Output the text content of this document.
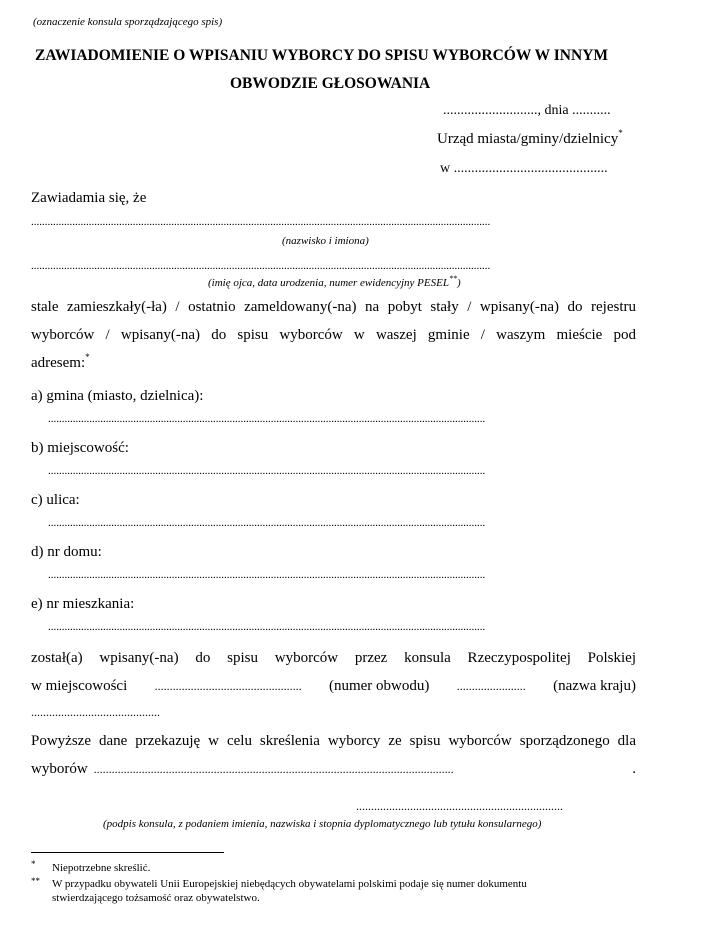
(oznaczenie konsula sporządzającego spis)
ZAWIADOMIENIE O WPISANIU WYBORCY DO SPISU WYBORCÓW W INNYM
OBWODZIE GŁOSOWANIA
..........................., dnia ...........
Urząd miasta/gminy/dzielnicy*
w ............................................
Zawiadamia się, że
.......................................................................................................................................................................
(nazwisko i imiona)
.......................................................................................................................................................................
(imię ojca, data urodzenia, numer ewidencyjny PESEL**)
stale zamieszkały(-ła) / ostatnio zameldowany(-na) na pobyt stały / wpisany(-na) do rejestru
wyborców / wpisany(-na) do spisu wyborców w waszej gminie / waszym mieście pod
adresem:*
a) gmina (miasto, dzielnica):
...............................................................................................................................................................
b) miejscowość:
...............................................................................................................................................................
c) ulica:
...............................................................................................................................................................
d) nr domu:
...............................................................................................................................................................
e) nr mieszkania:
...............................................................................................................................................................
został(a) wpisany(-na) do spisu wyborców przez konsula Rzeczypospolitej Polskiej
w miejscowości ................................................. (numer obwodu) ....................... (nazwa kraju)
...........................................
Powyższe dane przekazuję w celu skreślenia wyborcy ze spisu wyborców sporządzonego dla
wyborów ........................................................................................................................	.
.....................................................................
(podpis konsula, z podaniem imienia, nazwiska i stopnia dyplomatycznego lub tytułu konsularnego)
* Niepotrzebne skreślić.
** W przypadku obywateli Unii Europejskiej niebędących obywatelami polskimi podaje się numer dokumentu
stwierdzającego tożsamość oraz obywatelstwo.
